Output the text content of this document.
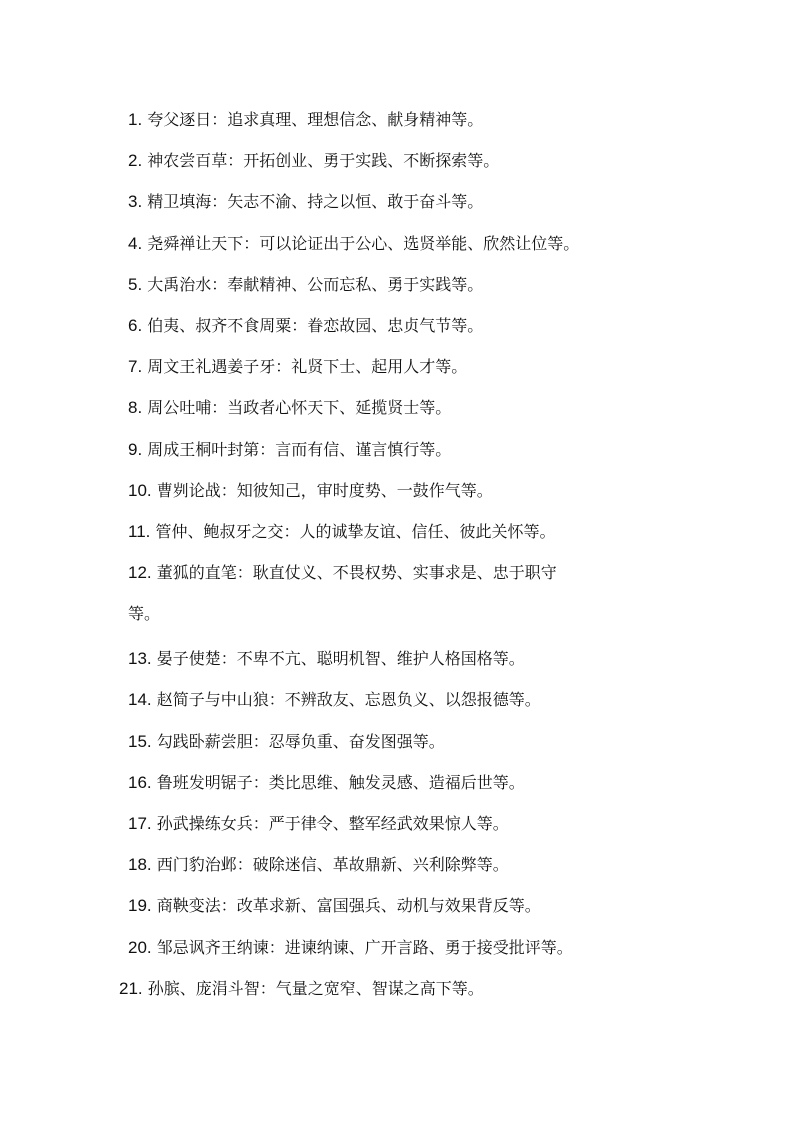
1. 夸父逐日：追求真理、理想信念、献身精神等。
2. 神农尝百草：开拓创业、勇于实践、不断探索等。
3. 精卫填海：矢志不渝、持之以恒、敢于奋斗等。
4. 尧舜禅让天下：可以论证出于公心、选贤举能、欣然让位等。
5. 大禹治水：奉献精神、公而忘私、勇于实践等。
6. 伯夷、叔齐不食周粟：眷恋故园、忠贞气节等。
7. 周文王礼遇姜子牙：礼贤下士、起用人才等。
8. 周公吐哺：当政者心怀天下、延揽贤士等。
9. 周成王桐叶封第：言而有信、谨言慎行等。
10. 曹刿论战：知彼知己，审时度势、一鼓作气等。
11. 管仲、鲍叔牙之交：人的诚挚友谊、信任、彼此关怀等。
12. 董狐的直笔：耿直仗义、不畏权势、实事求是、忠于职守
等。
13. 晏子使楚：不卑不亢、聪明机智、维护人格国格等。
14. 赵简子与中山狼：不辨敌友、忘恩负义、以怨报德等。
15. 勾践卧薪尝胆：忍辱负重、奋发图强等。
16. 鲁班发明锯子：类比思维、触发灵感、造福后世等。
17. 孙武操练女兵：严于律令、整军经武效果惊人等。
18. 西门豹治邺：破除迷信、革故鼎新、兴利除弊等。
19. 商鞅变法：改革求新、富国强兵、动机与效果背反等。
20. 邹忌讽齐王纳谏：进谏纳谏、广开言路、勇于接受批评等。
21. 孙膑、庞涓斗智：气量之宽窄、智谋之高下等。
